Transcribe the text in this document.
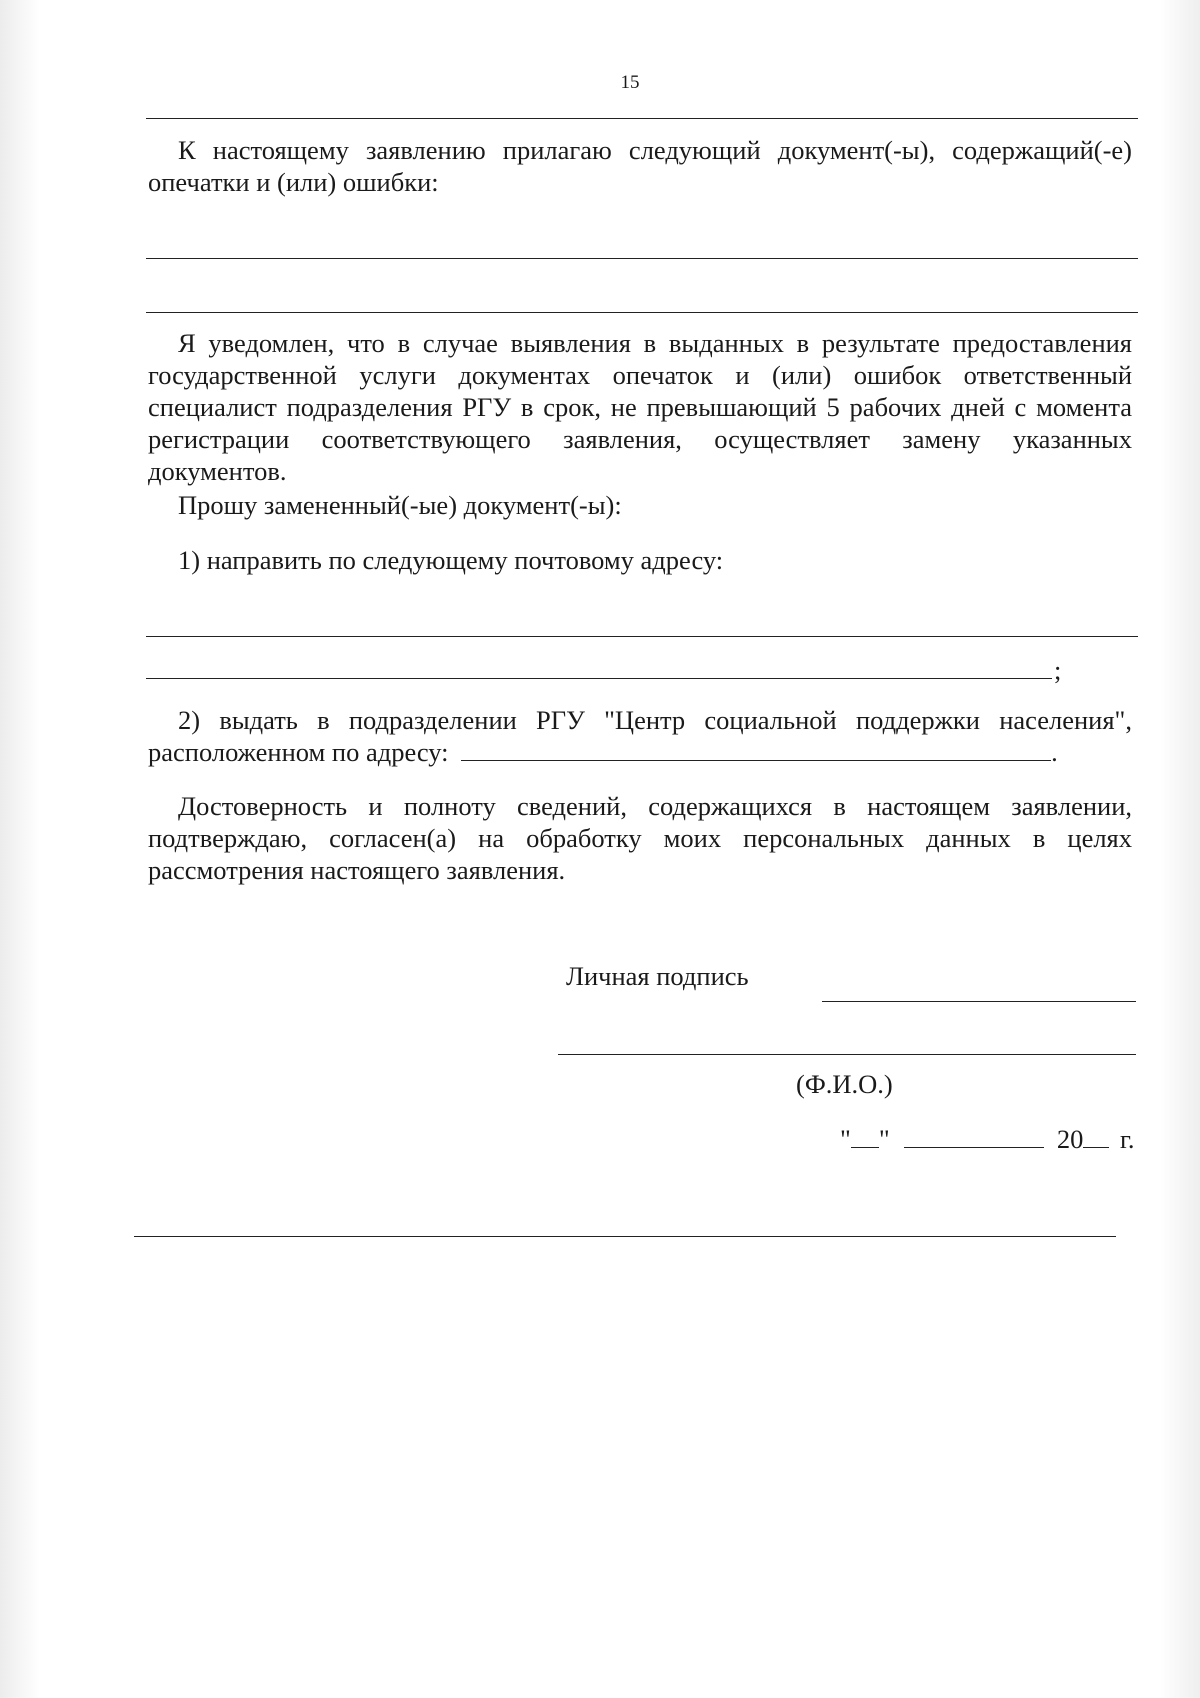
15

К настоящему заявлению прилагаю следующий документ(-ы), содержащий(-е) опечатки и (или) ошибки:

Я уведомлен, что в случае выявления в выданных в результате предоставления государственной услуги документах опечаток и (или) ошибок ответственный специалист подразделения РГУ в срок, не превышающий 5 рабочих дней с момента регистрации соответствующего заявления, осуществляет замену указанных документов.

Прошу замененный(-ые) документ(-ы):
1) направить по следующему почтовому адресу:
;
2) выдать в подразделении РГУ "Центр социальной поддержки населения",
расположенном по адресу:	.

Достоверность и полноту сведений, содержащихся в настоящем заявлении, подтверждаю, согласен(а) на обработку моих персональных данных в целях рассмотрения настоящего заявления.

Личная подпись
(Ф.И.О.)
" "	20 г.
